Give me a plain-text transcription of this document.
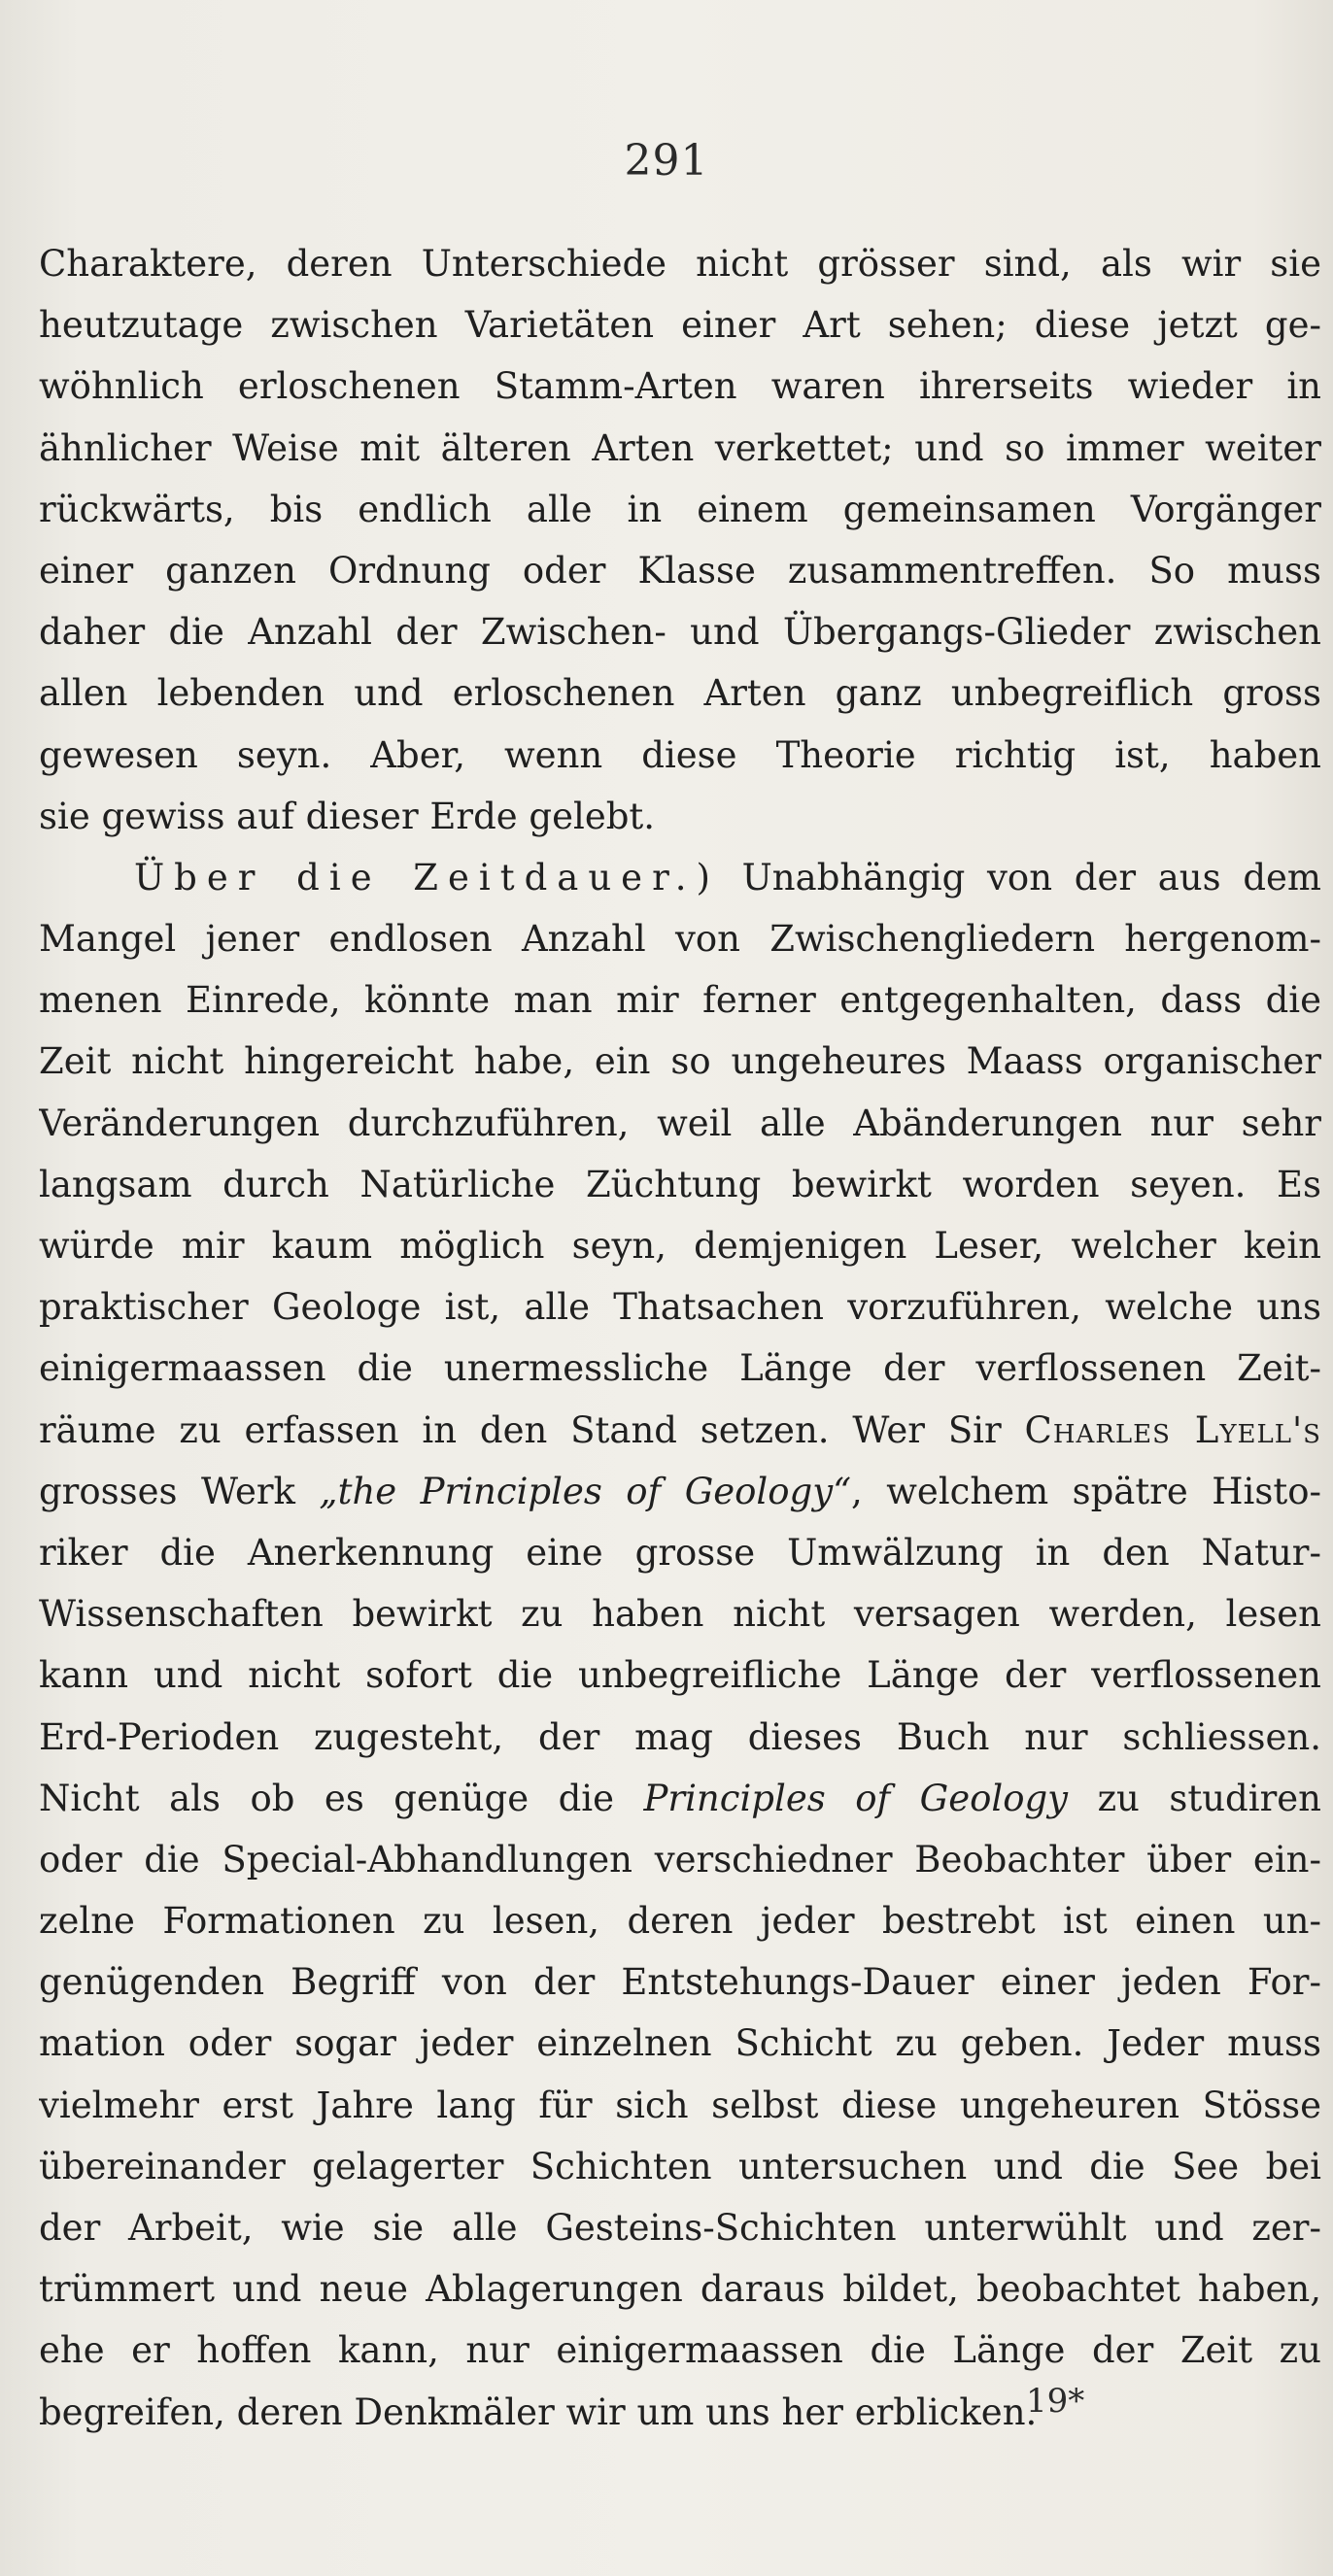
291
Charaktere, deren Unterschiede nicht grösser sind, als wir sie
heutzutage zwischen Varietäten einer Art sehen; diese jetzt ge-
wöhnlich erloschenen Stamm-Arten waren ihrerseits wieder in
ähnlicher Weise mit älteren Arten verkettet; und so immer weiter
rückwärts, bis endlich alle in einem gemeinsamen Vorgänger
einer ganzen Ordnung oder Klasse zusammentreffen. So muss
daher die Anzahl der Zwischen- und Übergangs-Glieder zwischen
allen lebenden und erloschenen Arten ganz unbegreiflich gross
gewesen seyn. Aber, wenn diese Theorie richtig ist, haben
sie gewiss auf dieser Erde gelebt.
Über die Zeitdauer.) Unabhängig von der aus dem
Mangel jener endlosen Anzahl von Zwischengliedern hergenom-
menen Einrede, könnte man mir ferner entgegenhalten, dass die
Zeit nicht hingereicht habe, ein so ungeheures Maass organischer
Veränderungen durchzuführen, weil alle Abänderungen nur sehr
langsam durch Natürliche Züchtung bewirkt worden seyen. Es
würde mir kaum möglich seyn, demjenigen Leser, welcher kein
praktischer Geologe ist, alle Thatsachen vorzuführen, welche uns
einigermaassen die unermessliche Länge der verflossenen Zeit-
räume zu erfassen in den Stand setzen. Wer Sir Charles Lyell's
grosses Werk „the Principles of Geology“, welchem spätre Histo-
riker die Anerkennung eine grosse Umwälzung in den Natur-
Wissenschaften bewirkt zu haben nicht versagen werden, lesen
kann und nicht sofort die unbegreifliche Länge der verflossenen
Erd-Perioden zugesteht, der mag dieses Buch nur schliessen.
Nicht als ob es genüge die Principles of Geology zu studiren
oder die Special-Abhandlungen verschiedner Beobachter über ein-
zelne Formationen zu lesen, deren jeder bestrebt ist einen un-
genügenden Begriff von der Entstehungs-Dauer einer jeden For-
mation oder sogar jeder einzelnen Schicht zu geben. Jeder muss
vielmehr erst Jahre lang für sich selbst diese ungeheuren Stösse
übereinander gelagerter Schichten untersuchen und die See bei
der Arbeit, wie sie alle Gesteins-Schichten unterwühlt und zer-
trümmert und neue Ablagerungen daraus bildet, beobachtet haben,
ehe er hoffen kann, nur einigermaassen die Länge der Zeit zu
begreifen, deren Denkmäler wir um uns her erblicken.
19*
